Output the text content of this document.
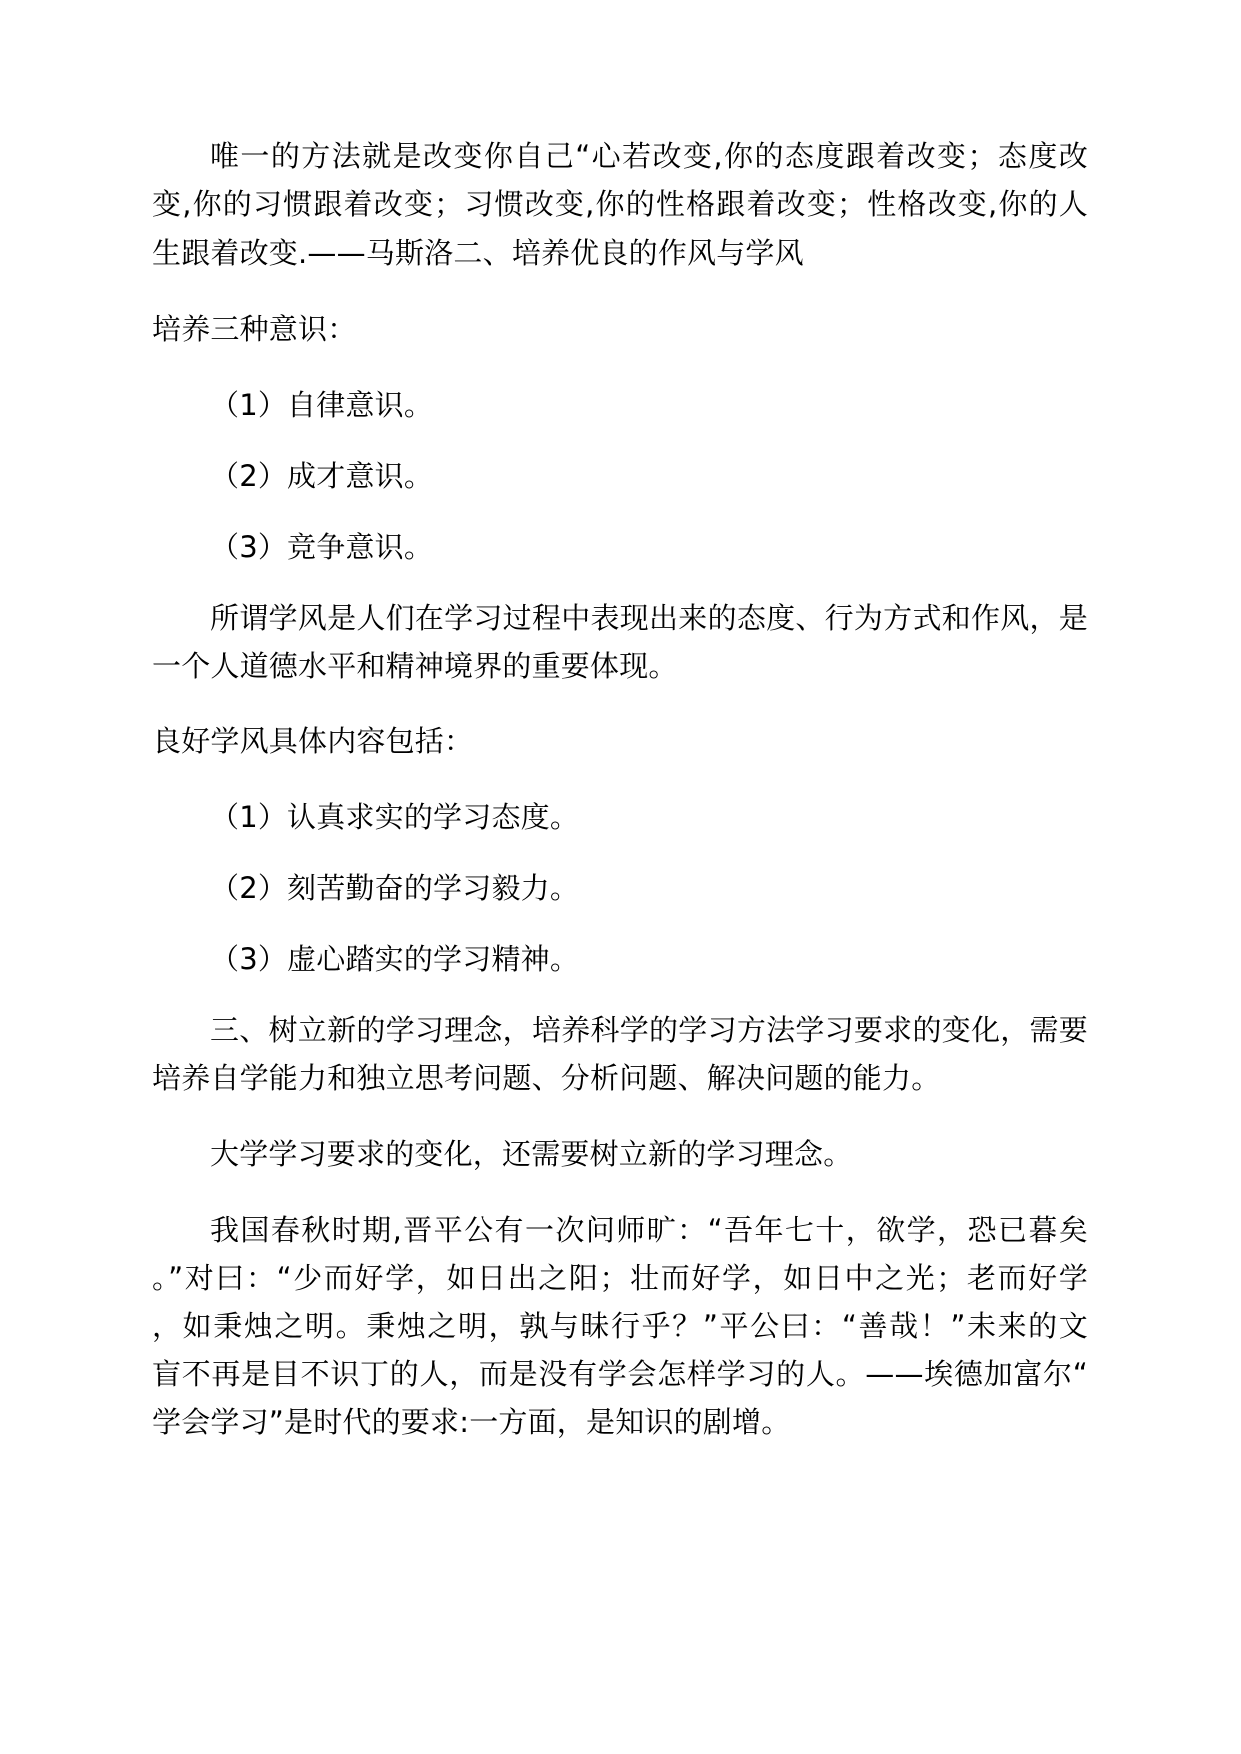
唯一的方法就是改变你自己“心若改变,你的态度跟着改变；态度改
变,你的习惯跟着改变；习惯改变,你的性格跟着改变；性格改变,你的人
生跟着改变.——马斯洛二、培养优良的作风与学风
培养三种意识：
（1）自律意识。
（2）成才意识。
（3）竞争意识。
所谓学风是人们在学习过程中表现出来的态度、行为方式和作风，是
一个人道德水平和精神境界的重要体现。
良好学风具体内容包括：
（1）认真求实的学习态度。
（2）刻苦勤奋的学习毅力。
（3）虚心踏实的学习精神。
三、树立新的学习理念，培养科学的学习方法学习要求的变化，需要
培养自学能力和独立思考问题、分析问题、解决问题的能力。
大学学习要求的变化，还需要树立新的学习理念。
我国春秋时期,晋平公有一次问师旷：“吾年七十，欲学，恐已暮矣
。”对曰：“少而好学，如日出之阳；壮而好学，如日中之光；老而好学
，如秉烛之明。秉烛之明，孰与昧行乎？”平公曰：“善哉！”未来的文
盲不再是目不识丁的人，而是没有学会怎样学习的人。——埃德加富尔“
学会学习”是时代的要求:一方面，是知识的剧增。
